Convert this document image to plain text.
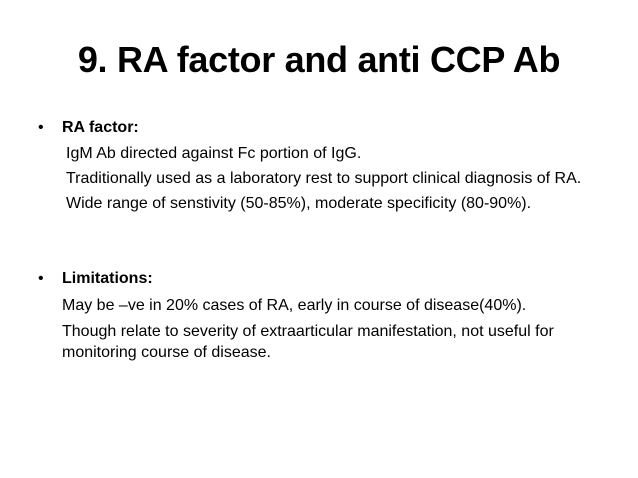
9. RA factor and anti CCP Ab
•	RA factor:
IgM Ab directed against Fc portion of IgG.
Traditionally used as a laboratory rest to support clinical diagnosis of RA.
Wide range of senstivity (50-85%), moderate specificity (80-90%).
•	Limitations:
May be –ve in 20% cases of RA, early in course of disease(40%).
Though relate to severity of extraarticular manifestation, not useful for
monitoring course of disease.
